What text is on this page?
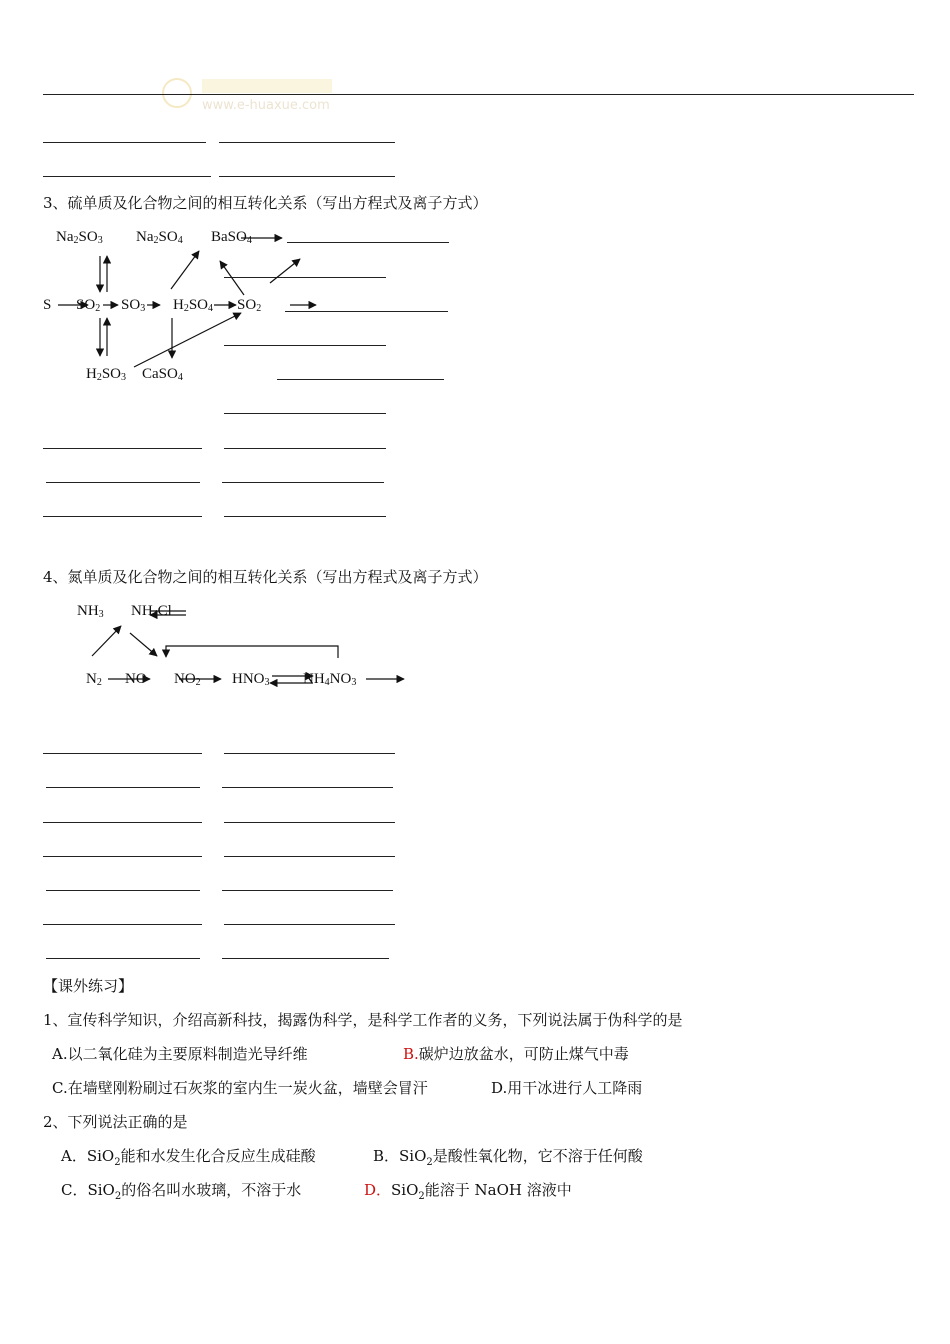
www.e-huaxue.com
3、硫单质及化合物之间的相互转化关系（写出方程式及离子方式）
$Na_2SO_3$ $Na_2SO_4$ BaSO$_4$
S $SO_2$ $SO_3$ $H_2SO_4$ $SO_2$
$H_2SO_3$ CaSO$_4$
4、氮单质及化合物之间的相互转化关系（写出方程式及离子方式）
$NH_3$ $NH_4Cl$
$N_2$ NO $NO_2$ $HNO_3$ $NH_4NO_3$
【课外练习】
1、宣传科学知识，介绍高新科技，揭露伪科学，是科学工作者的义务，下列说法属于伪科学的是
A.以二氧化硅为主要原料制造光导纤维	B.碳炉边放盆水，可防止煤气中毒
C.在墙壁刚粉刷过石灰浆的室内生一炭火盆，墙壁会冒汗	D.用干冰进行人工降雨
2、下列说法正确的是
A．SiO$_2$能和水发生化合反应生成硅酸	B．SiO$_2$是酸性氧化物，它不溶于任何酸
C．SiO$_2$的俗名叫水玻璃，不溶于水	D．SiO$_2$能溶于 NaOH 溶液中
